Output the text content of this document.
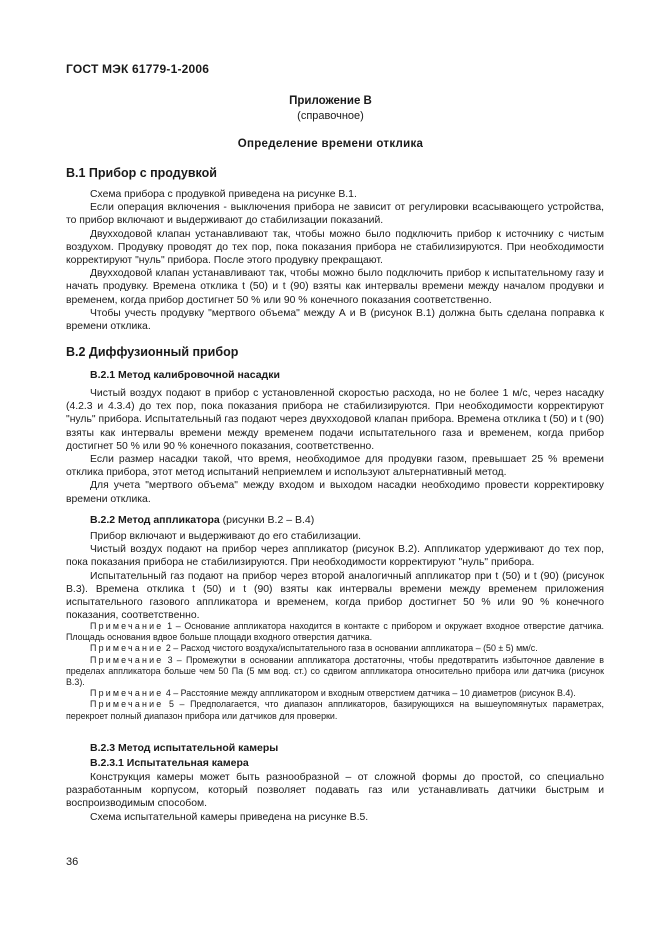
ГОСТ МЭК 61779-1-2006
Приложение В
(справочное)
Определение времени отклика
В.1 Прибор с продувкой

Схема прибора с продувкой приведена на рисунке В.1.

Если операция включения - выключения прибора не зависит от регулировки всасывающего устройства, то прибор включают и выдерживают до стабилизации показаний.

Двухходовой клапан устанавливают так, чтобы можно было подключить прибор к источнику с чистым воздухом. Продувку проводят до тех пор, пока показания прибора не стабилизируются. При необходимости корректируют "нуль" прибора. После этого продувку прекращают.

Двухходовой клапан устанавливают так, чтобы можно было подключить прибор к испытательному газу и начать продувку. Времена отклика t (50) и t (90) взяты как интервалы времени между началом продувки и временем, когда прибор достигнет 50 % или 90 % конечного показания соответственно.

Чтобы учесть продувку "мертвого объема" между А и В (рисунок В.1) должна быть сделана поправка к времени отклика.

В.2 Диффузионный прибор
В.2.1 Метод калибровочной насадки

Чистый воздух подают в прибор с установленной скоростью расхода, но не более 1 м/с, через насадку (4.2.3 и 4.3.4) до тех пор, пока показания прибора не стабилизируются. При необходимости корректируют "нуль" прибора. Испытательный газ подают через двухходовой клапан прибора. Времена отклика t (50) и t (90) взяты как интервалы времени между временем подачи испытательного газа и временем, когда прибор достигнет 50 % или 90 % конечного показания, соответственно.

Если размер насадки такой, что время, необходимое для продувки газом, превышает 25 % времени отклика прибора, этот метод испытаний неприемлем и используют альтернативный метод.

Для учета "мертвого объема" между входом и выходом насадки необходимо провести корректировку времени отклика.

В.2.2 Метод аппликатора (рисунки В.2 – В.4)

Прибор включают и выдерживают до его стабилизации.

Чистый воздух подают на прибор через аппликатор (рисунок В.2). Аппликатор удерживают до тех пор, пока показания прибора не стабилизируются. При необходимости корректируют "нуль" прибора.

Испытательный газ подают на прибор через второй аналогичный аппликатор при t (50) и t (90) (рисунок В.3). Времена отклика t (50) и t (90) взяты как интервалы времени между временем приложения испытательного газового аппликатора и временем, когда прибор достигнет 50 % или 90 % конечного показания, соответственно.

Примечание 1 – Основание аппликатора находится в контакте с прибором и окружает входное отверстие датчика. Площадь основания вдвое больше площади входного отверстия датчика.

Примечание 2 – Расход чистого воздуха/испытательного газа в основании аппликатора – (50 ± 5) мм/с.

Примечание 3 – Промежутки в основании аппликатора достаточны, чтобы предотвратить избыточное давление в пределах аппликатора больше чем 50 Па (5 мм вод. ст.) со сдвигом аппликатора относительно прибора или датчика (рисунок В.3).

Примечание 4 – Расстояние между аппликатором и входным отверстием датчика – 10 диаметров (рисунок В.4).

Примечание 5 – Предполагается, что диапазон аппликаторов, базирующихся на вышеупомянутых параметрах, перекроет полный диапазон прибора или датчиков для проверки.

В.2.3 Метод испытательной камеры
В.2.3.1 Испытательная камера

Конструкция камеры может быть разнообразной – от сложной формы до простой, со специально разработанным корпусом, который позволяет подавать газ или устанавливать датчики быстрым и воспроизводимым способом.

Схема испытательной камеры приведена на рисунке В.5.

36
